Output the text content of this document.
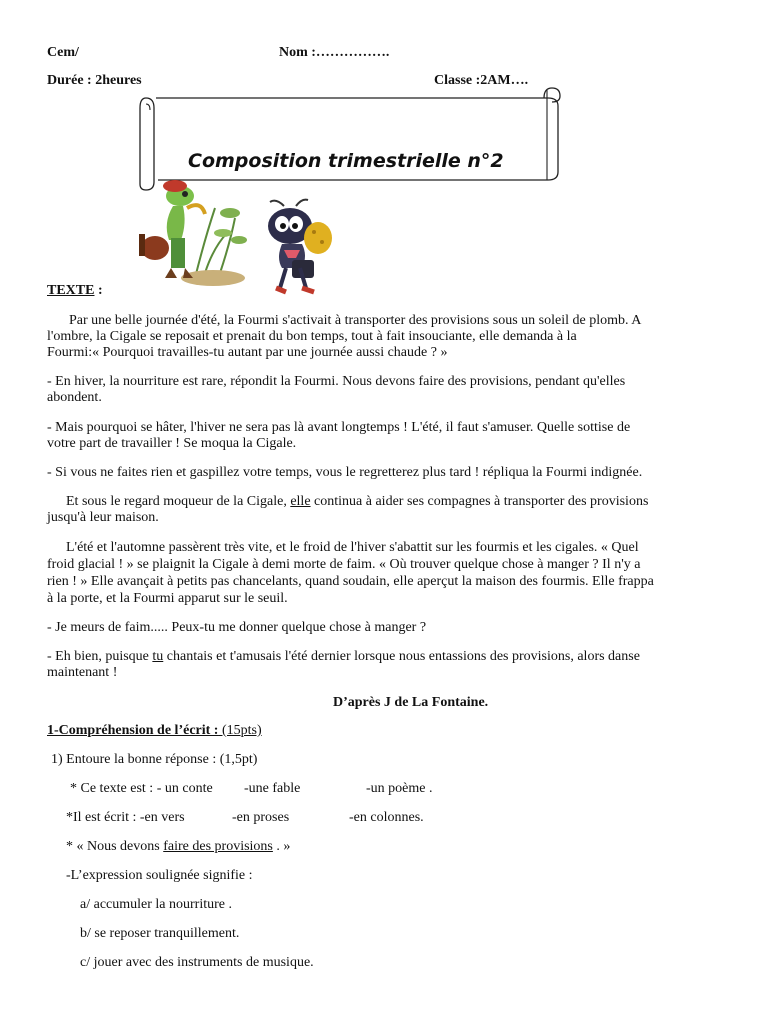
Cem/	Nom :…………….
Durée : 2heures	Classe :2AM….
Composition trimestrielle n°2
TEXTE :
Par une belle journée d'été, la Fourmi s'activait à transporter des provisions sous un soleil de plomb. A
l'ombre, la Cigale se reposait et prenait du bon temps, tout à fait insouciante, elle demanda à la
Fourmi:« Pourquoi travailles-tu autant par une journée aussi chaude ? »
- En hiver, la nourriture est rare, répondit la Fourmi. Nous devons faire des provisions, pendant qu'elles
abondent.
- Mais pourquoi se hâter, l'hiver ne sera pas là avant longtemps ! L'été, il faut s'amuser. Quelle sottise de
votre part de travailler ! Se moqua la Cigale.
- Si vous ne faites rien et gaspillez votre temps, vous le regretterez plus tard ! répliqua la Fourmi indignée.
Et sous le regard moqueur de la Cigale, elle continua à aider ses compagnes à transporter des provisions
jusqu'à leur maison.
L'été et l'automne passèrent très vite, et le froid de l'hiver s'abattit sur les fourmis et les cigales. « Quel
froid glacial ! » se plaignit la Cigale à demi morte de faim. « Où trouver quelque chose à manger ? Il n'y a
rien ! » Elle avançait à petits pas chancelants, quand soudain, elle aperçut la maison des fourmis. Elle frappa
à la porte, et la Fourmi apparut sur le seuil.
- Je meurs de faim..... Peux-tu me donner quelque chose à manger ?
- Eh bien, puisque tu chantais et t'amusais l'été dernier lorsque nous entassions des provisions, alors danse
maintenant !
D’après J de La Fontaine.
1-Compréhension de l’écrit : (15pts)
1) Entoure la bonne réponse : (1,5pt)
* Ce texte est : - un conte -une fable	-un poème .
*Il est écrit : -en vers	-en proses	-en colonnes.
* « Nous devons faire des provisions . »
-L’expression soulignée signifie :
a/ accumuler la nourriture .
b/ se reposer tranquillement.
c/ jouer avec des instruments de musique.
